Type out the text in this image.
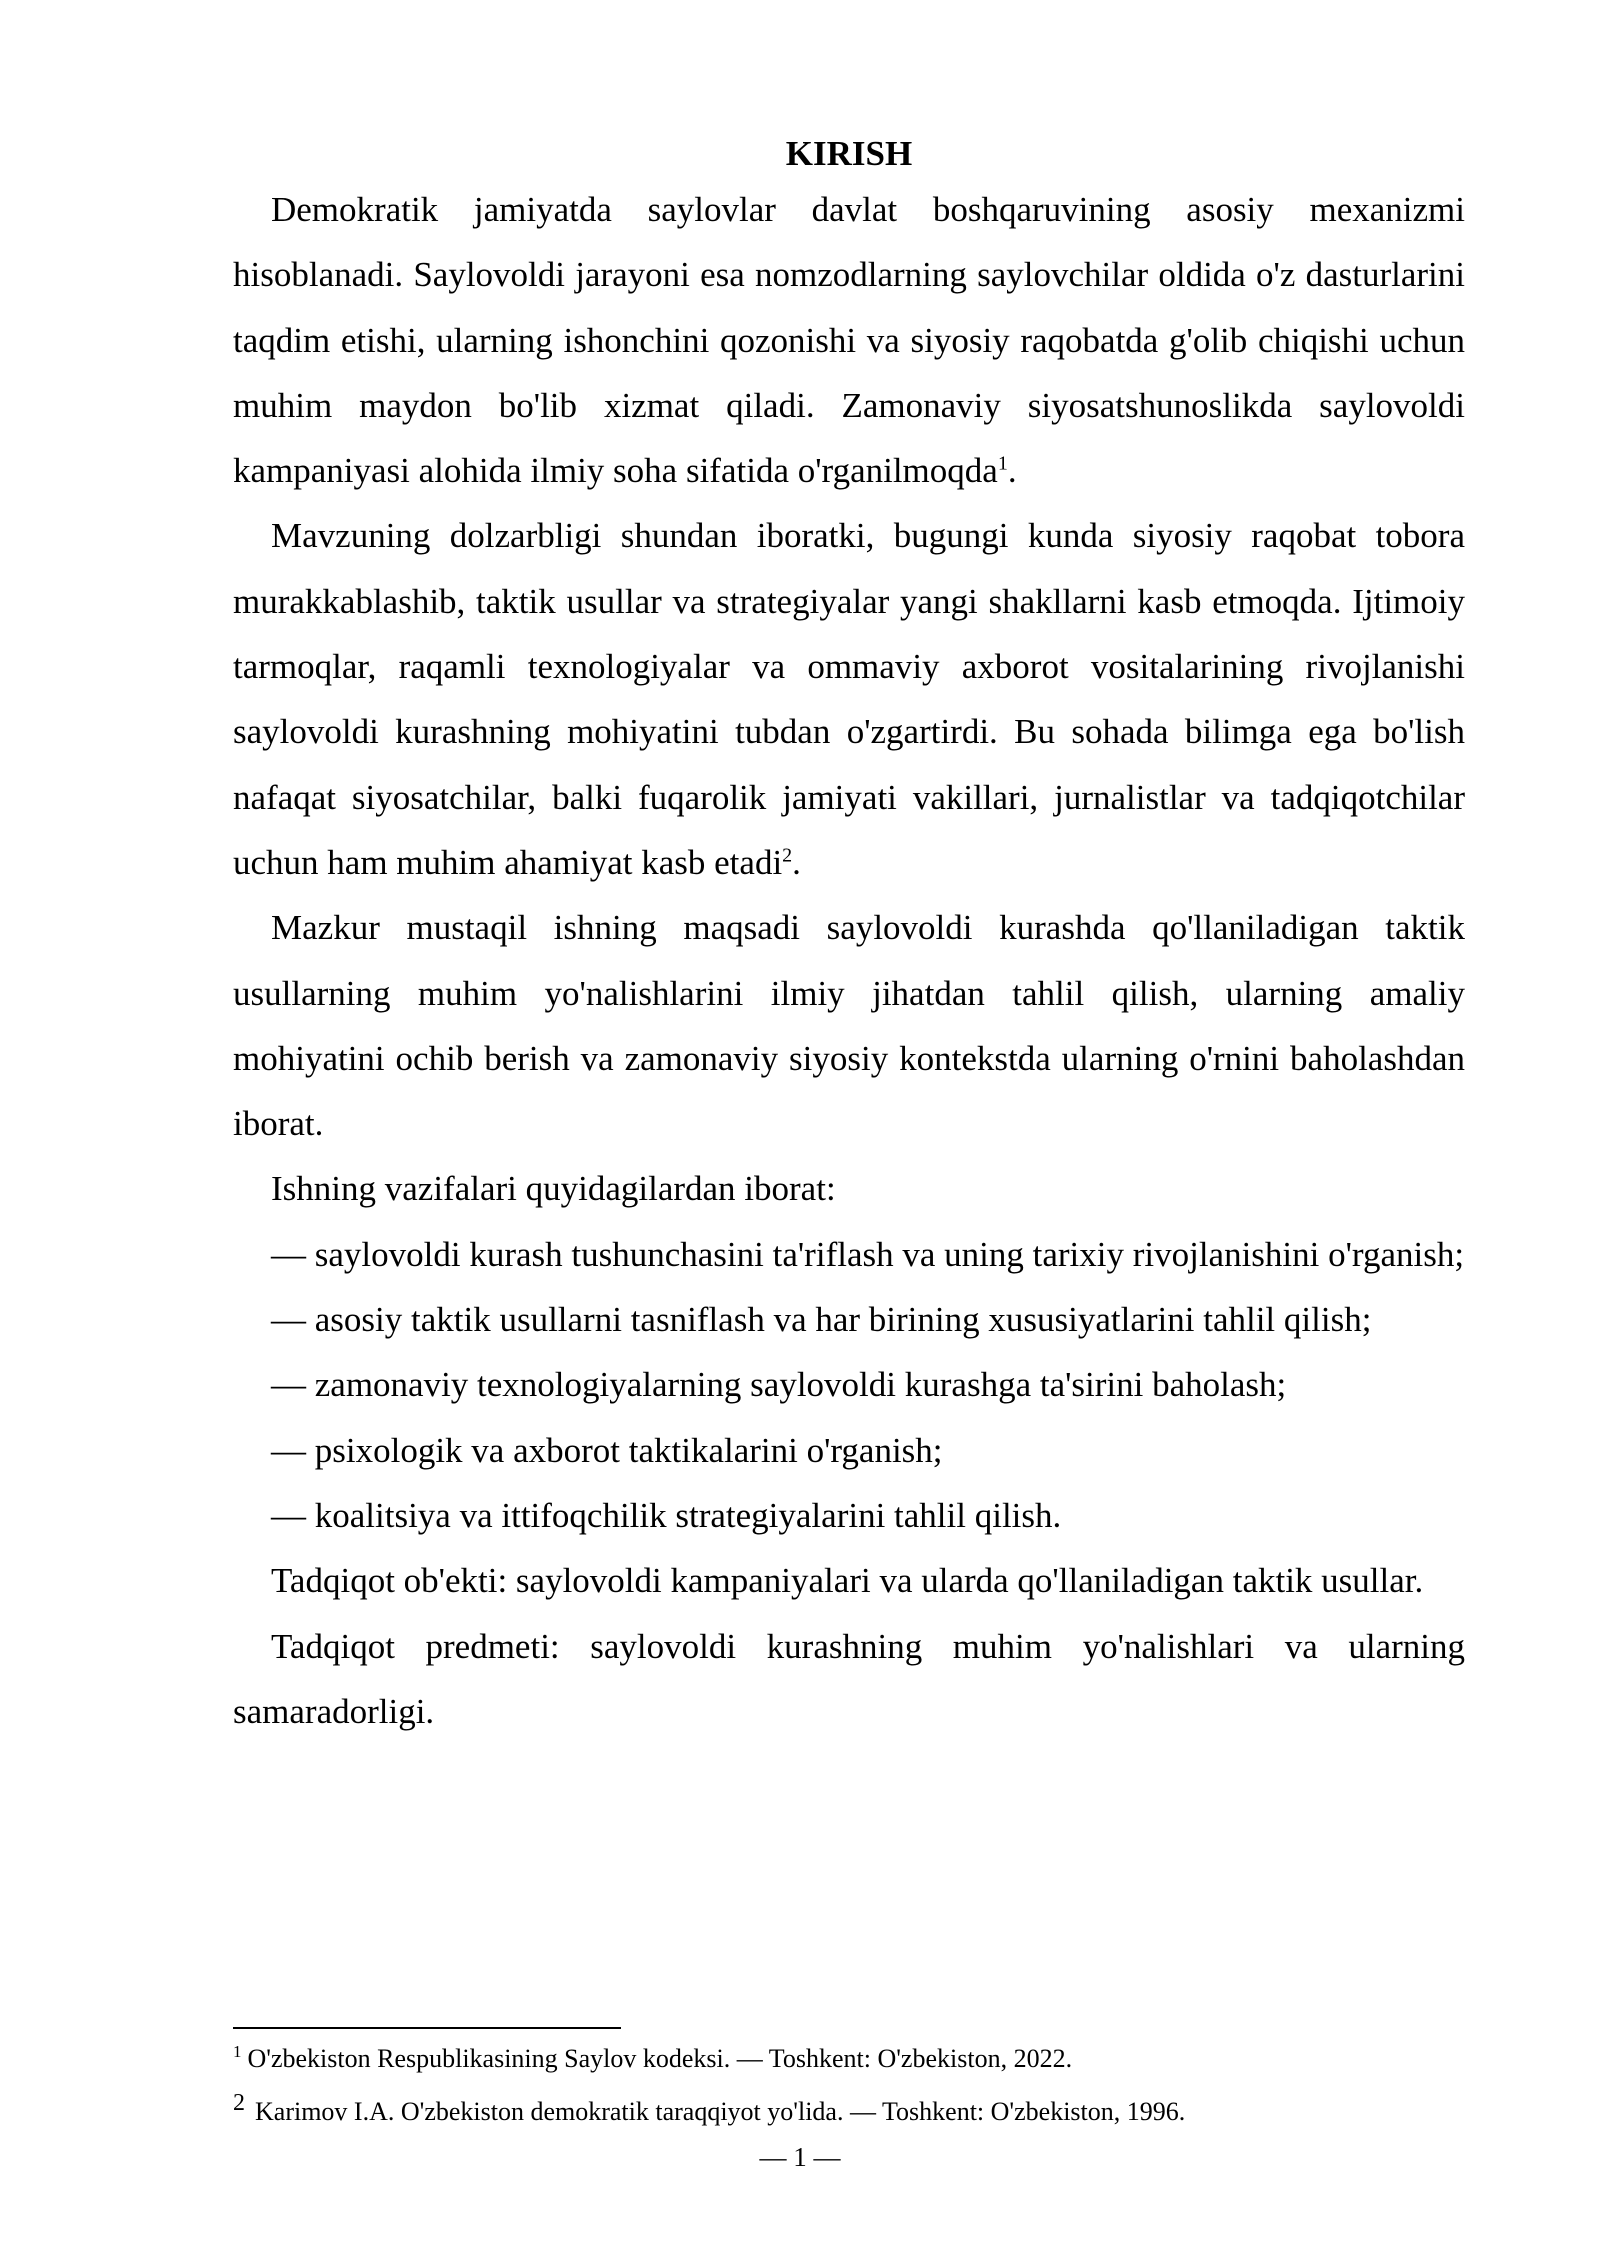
KIRISH

Demokratik jamiyatda saylovlar davlat boshqaruvining asosiy mexanizmi hisoblanadi. Saylovoldi jarayoni esa nomzodlarning saylovchilar oldida o'z dasturlarini taqdim etishi, ularning ishonchini qozonishi va siyosiy raqobatda g'olib chiqishi uchun muhim maydon bo'lib xizmat qiladi. Zamonaviy siyosatshunoslikda saylovoldi kampaniyasi alohida ilmiy soha sifatida o'rganilmoqda$^1$.

Mavzuning dolzarbligi shundan iboratki, bugungi kunda siyosiy raqobat tobora murakkablashib, taktik usullar va strategiyalar yangi shakllarni kasb etmoqda. Ijtimoiy tarmoqlar, raqamli texnologiyalar va ommaviy axborot vositalarining rivojlanishi saylovoldi kurashning mohiyatini tubdan o'zgartirdi. Bu sohada bilimga ega bo'lish nafaqat siyosatchilar, balki fuqarolik jamiyati vakillari, jurnalistlar va tadqiqotchilar uchun ham muhim ahamiyat kasb etadi$^2$.

Mazkur mustaqil ishning maqsadi saylovoldi kurashda qo'llaniladigan taktik usullarning muhim yo'nalishlarini ilmiy jihatdan tahlil qilish, ularning amaliy mohiyatini ochib berish va zamonaviy siyosiy kontekstda ularning o'rnini baholashdan iborat.

Ishning vazifalari quyidagilardan iborat:

— saylovoldi kurash tushunchasini ta'riflash va uning tarixiy rivojlanishini o'rganish;

— asosiy taktik usullarni tasniflash va har birining xususiyatlarini tahlil qilish;

— zamonaviy texnologiyalarning saylovoldi kurashga ta'sirini baholash;

— psixologik va axborot taktikalarini o'rganish;

— koalitsiya va ittifoqchilik strategiyalarini tahlil qilish.

Tadqiqot ob'ekti: saylovoldi kampaniyalari va ularda qo'llaniladigan taktik usullar.

Tadqiqot predmeti: saylovoldi kurashning muhim yo'nalishlari va ularning samaradorligi.

$^1$ O'zbekiston Respublikasining Saylov kodeksi. — Toshkent: O'zbekiston, 2022.

2 Karimov I.A. O'zbekiston demokratik taraqqiyot yo'lida. — Toshkent: O'zbekiston, 1996.

— 1 —
